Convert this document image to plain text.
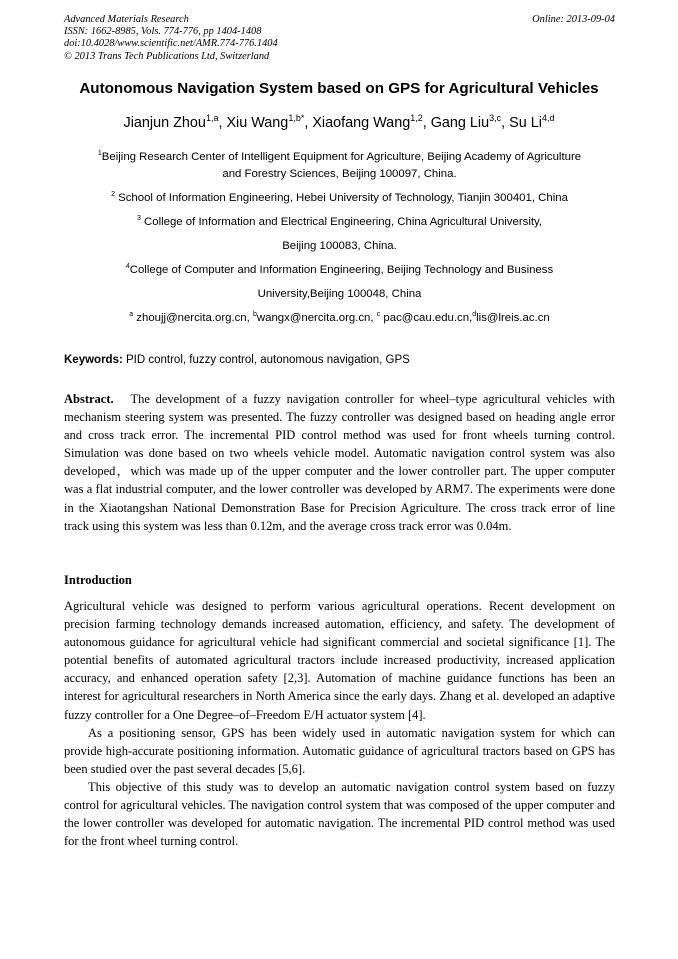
Advanced Materials Research
ISSN: 1662-8985, Vols. 774-776, pp 1404-1408
doi:10.4028/www.scientific.net/AMR.774-776.1404
© 2013 Trans Tech Publications Ltd, Switzerland
Online: 2013-09-04
Autonomous Navigation System based on GPS for Agricultural Vehicles
Jianjun Zhou$^{1,a}$, Xiu Wang$^{1,b*}$, Xiaofang Wang$^{1,2}$, Gang Liu$^{3,c}$, Su Li$^{4,d}$

$^1$Beijing Research Center of Intelligent Equipment for Agriculture, Beijing Academy of Agriculture

and Forestry Sciences, Beijing 100097, China.

$^2$ School of Information Engineering, Hebei University of Technology, Tianjin 300401, China

$^3$ College of Information and Electrical Engineering, China Agricultural University,

Beijing 100083, China.

$^4$College of Computer and Information Engineering, Beijing Technology and Business

University,Beijing 100048, China

$^a$ zhoujj@nercita.org.cn, $^b$wangx@nercita.org.cn, $^c$ pac@cau.edu.cn,$^d$lis@lreis.ac.cn

Keywords: PID control, fuzzy control, autonomous navigation, GPS
Abstract.   The development of a fuzzy navigation controller for wheel–type agricultural vehicles with mechanism steering system was presented. The fuzzy controller was designed based on heading angle error and cross track error. The incremental PID control method was used for front wheels turning control. Simulation was done based on two wheels vehicle model. Automatic navigation control system was also developed，which was made up of the upper computer and the lower controller part. The upper computer was a flat industrial computer, and the lower controller was developed by ARM7. The experiments were done in the Xiaotangshan National Demonstration Base for Precision Agriculture. The cross track error of line track using this system was less than 0.12m, and the average cross track error was 0.04m.
Introduction

Agricultural vehicle was designed to perform various agricultural operations. Recent development on precision farming technology demands increased automation, efficiency, and safety. The development of autonomous guidance for agricultural vehicle had significant commercial and societal significance [1]. The potential benefits of automated agricultural tractors include increased productivity, increased application accuracy, and enhanced operation safety [2,3]. Automation of machine guidance functions has been an interest for agricultural researchers in North America since the early days. Zhang et al. developed an adaptive fuzzy controller for a One Degree–of–Freedom E/H actuator system [4].

As a positioning sensor, GPS has been widely used in automatic navigation system for which can provide high-accurate positioning information. Automatic guidance of agricultural tractors based on GPS has been studied over the past several decades [5,6].

This objective of this study was to develop an automatic navigation control system based on fuzzy control for agricultural vehicles. The navigation control system that was composed of the upper computer and the lower controller was developed for automatic navigation. The incremental PID control method was used for the front wheel turning control.
